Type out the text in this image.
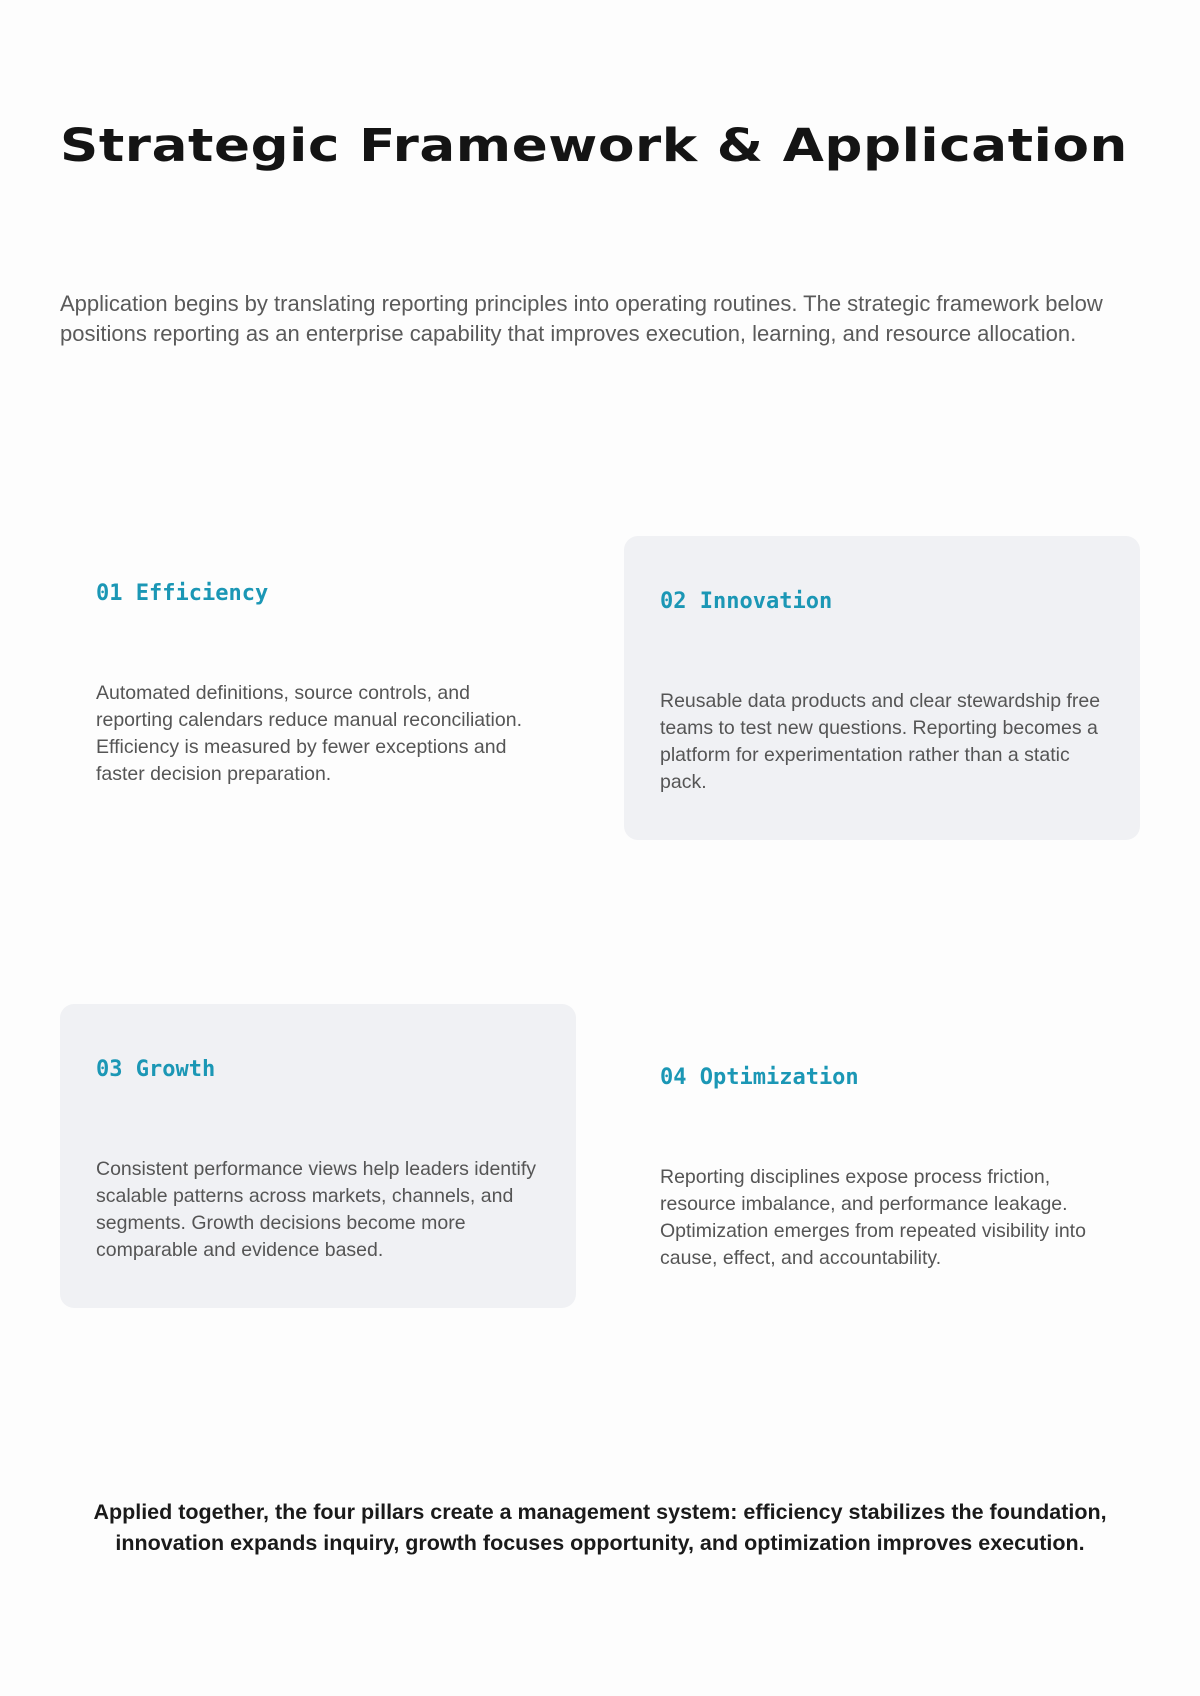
Strategic Framework & Application

Application begins by translating reporting principles into operating routines. The strategic framework below positions reporting as an enterprise capability that improves execution, learning, and resource allocation.

01 Efficiency

Automated definitions, source controls, and reporting calendars reduce manual reconciliation. Efficiency is measured by fewer exceptions and faster decision preparation.

02 Innovation

Reusable data products and clear stewardship free teams to test new questions. Reporting becomes a platform for experimentation rather than a static pack.

03 Growth

Consistent performance views help leaders identify scalable patterns across markets, channels, and segments. Growth decisions become more comparable and evidence based.

04 Optimization

Reporting disciplines expose process friction, resource imbalance, and performance leakage. Optimization emerges from repeated visibility into cause, effect, and accountability.

Applied together, the four pillars create a management system: efficiency stabilizes the foundation, innovation expands inquiry, growth focuses opportunity, and optimization improves execution.
